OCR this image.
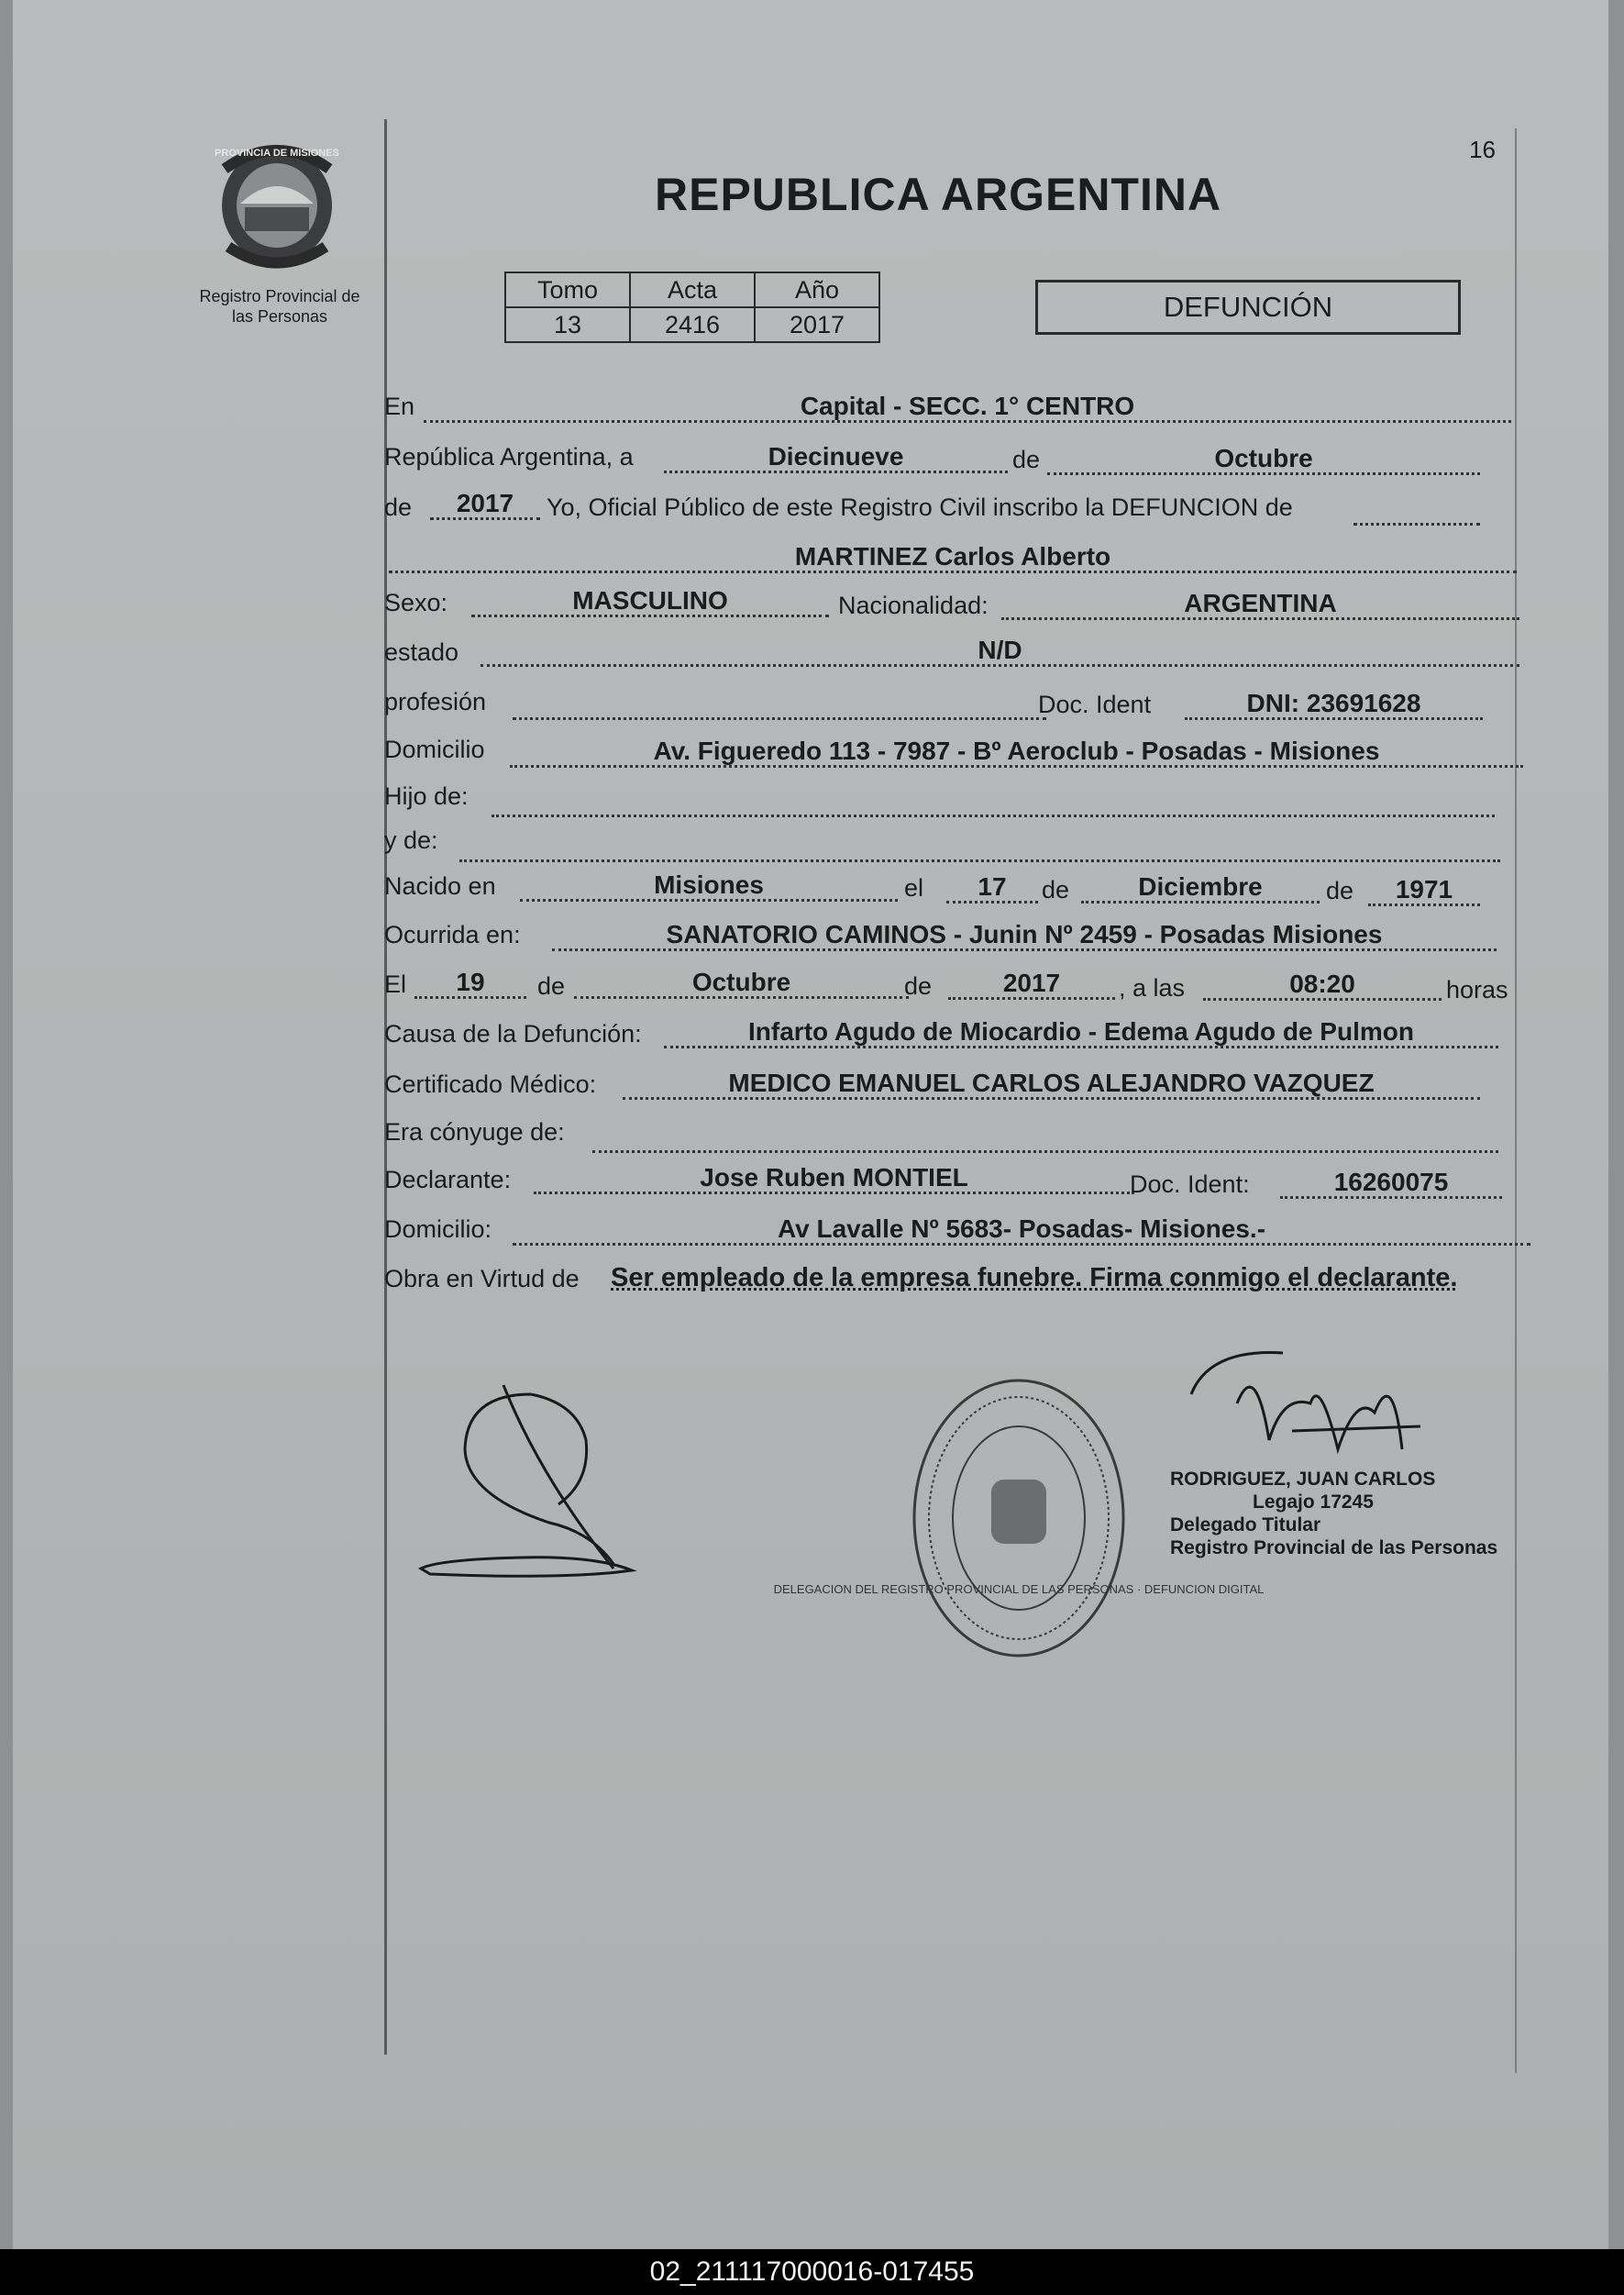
16
PROVINCIA DE MISIONES
Registro Provincial de
las Personas
REPUBLICA ARGENTINA
Tomo	Acta	Año
13	2416	2017
DEFUNCIÓN
En	Capital - SECC. 1° CENTRO
República Argentina, a	Diecinueve	de	Octubre
de	2017	Yo, Oficial Público de este Registro Civil inscribo la DEFUNCION de
MARTINEZ Carlos Alberto
Sexo:	MASCULINO	Nacionalidad:	ARGENTINA
estado	N/D
profesión	Doc. Ident	DNI: 23691628
Domicilio	Av. Figueredo 113 - 7987 - Bº Aeroclub - Posadas - Misiones
Hijo de:
y de:
Nacido en	Misiones	el	17	de	Diciembre	de	1971
Ocurrida en:	SANATORIO CAMINOS - Junin Nº 2459 - Posadas Misiones
El	19	de	Octubre	de	2017	, a las	08:20	horas
Causa de la Defunción:	Infarto Agudo de Miocardio - Edema Agudo de Pulmon
Certificado Médico:	MEDICO EMANUEL CARLOS ALEJANDRO VAZQUEZ
Era cónyuge de:
Declarante:	Jose Ruben MONTIEL	Doc. Ident:	16260075
Domicilio:	Av Lavalle Nº 5683- Posadas- Misiones.-
Obra en Virtud de Ser empleado de la empresa funebre. Firma conmigo el declarante.
DELEGACION DEL REGISTRO PROVINCIAL DE LAS PERSONAS · DEFUNCION DIGITAL
RODRIGUEZ, JUAN CARLOS
Legajo 17245
Delegado Titular
Registro Provincial de las Personas
02_211117000016-017455
